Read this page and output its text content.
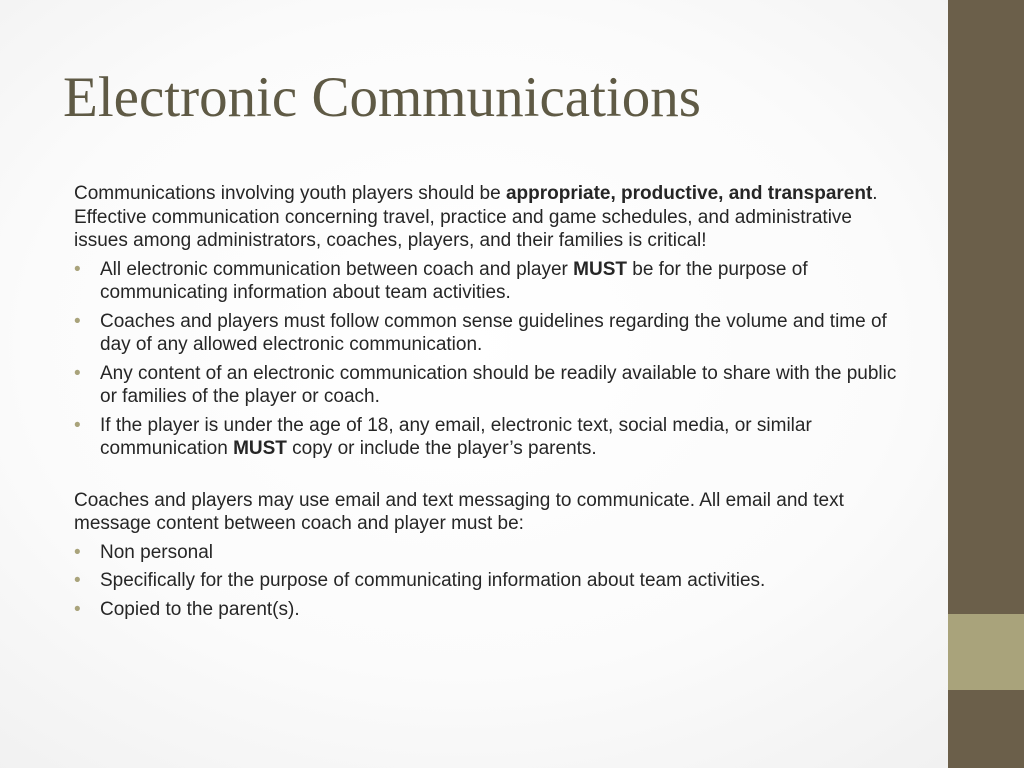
Electronic Communications

Communications involving youth players should be appropriate, productive, and transparent. Effective communication concerning travel, practice and game schedules, and administrative issues among administrators, coaches, players, and their families is critical!

• All electronic communication between coach and player MUST be for the purpose of communicating information about team activities.
• Coaches and players must follow common sense guidelines regarding the volume and time of day of any allowed electronic communication.
• Any content of an electronic communication should be readily available to share with the public or families of the player or coach.
• If the player is under the age of 18, any email, electronic text, social media, or similar communication MUST copy or include the player’s parents.

Coaches and players may use email and text messaging to communicate. All email and text message content between coach and player must be:

• Non personal
• Specifically for the purpose of communicating information about team activities.
• Copied to the parent(s).
